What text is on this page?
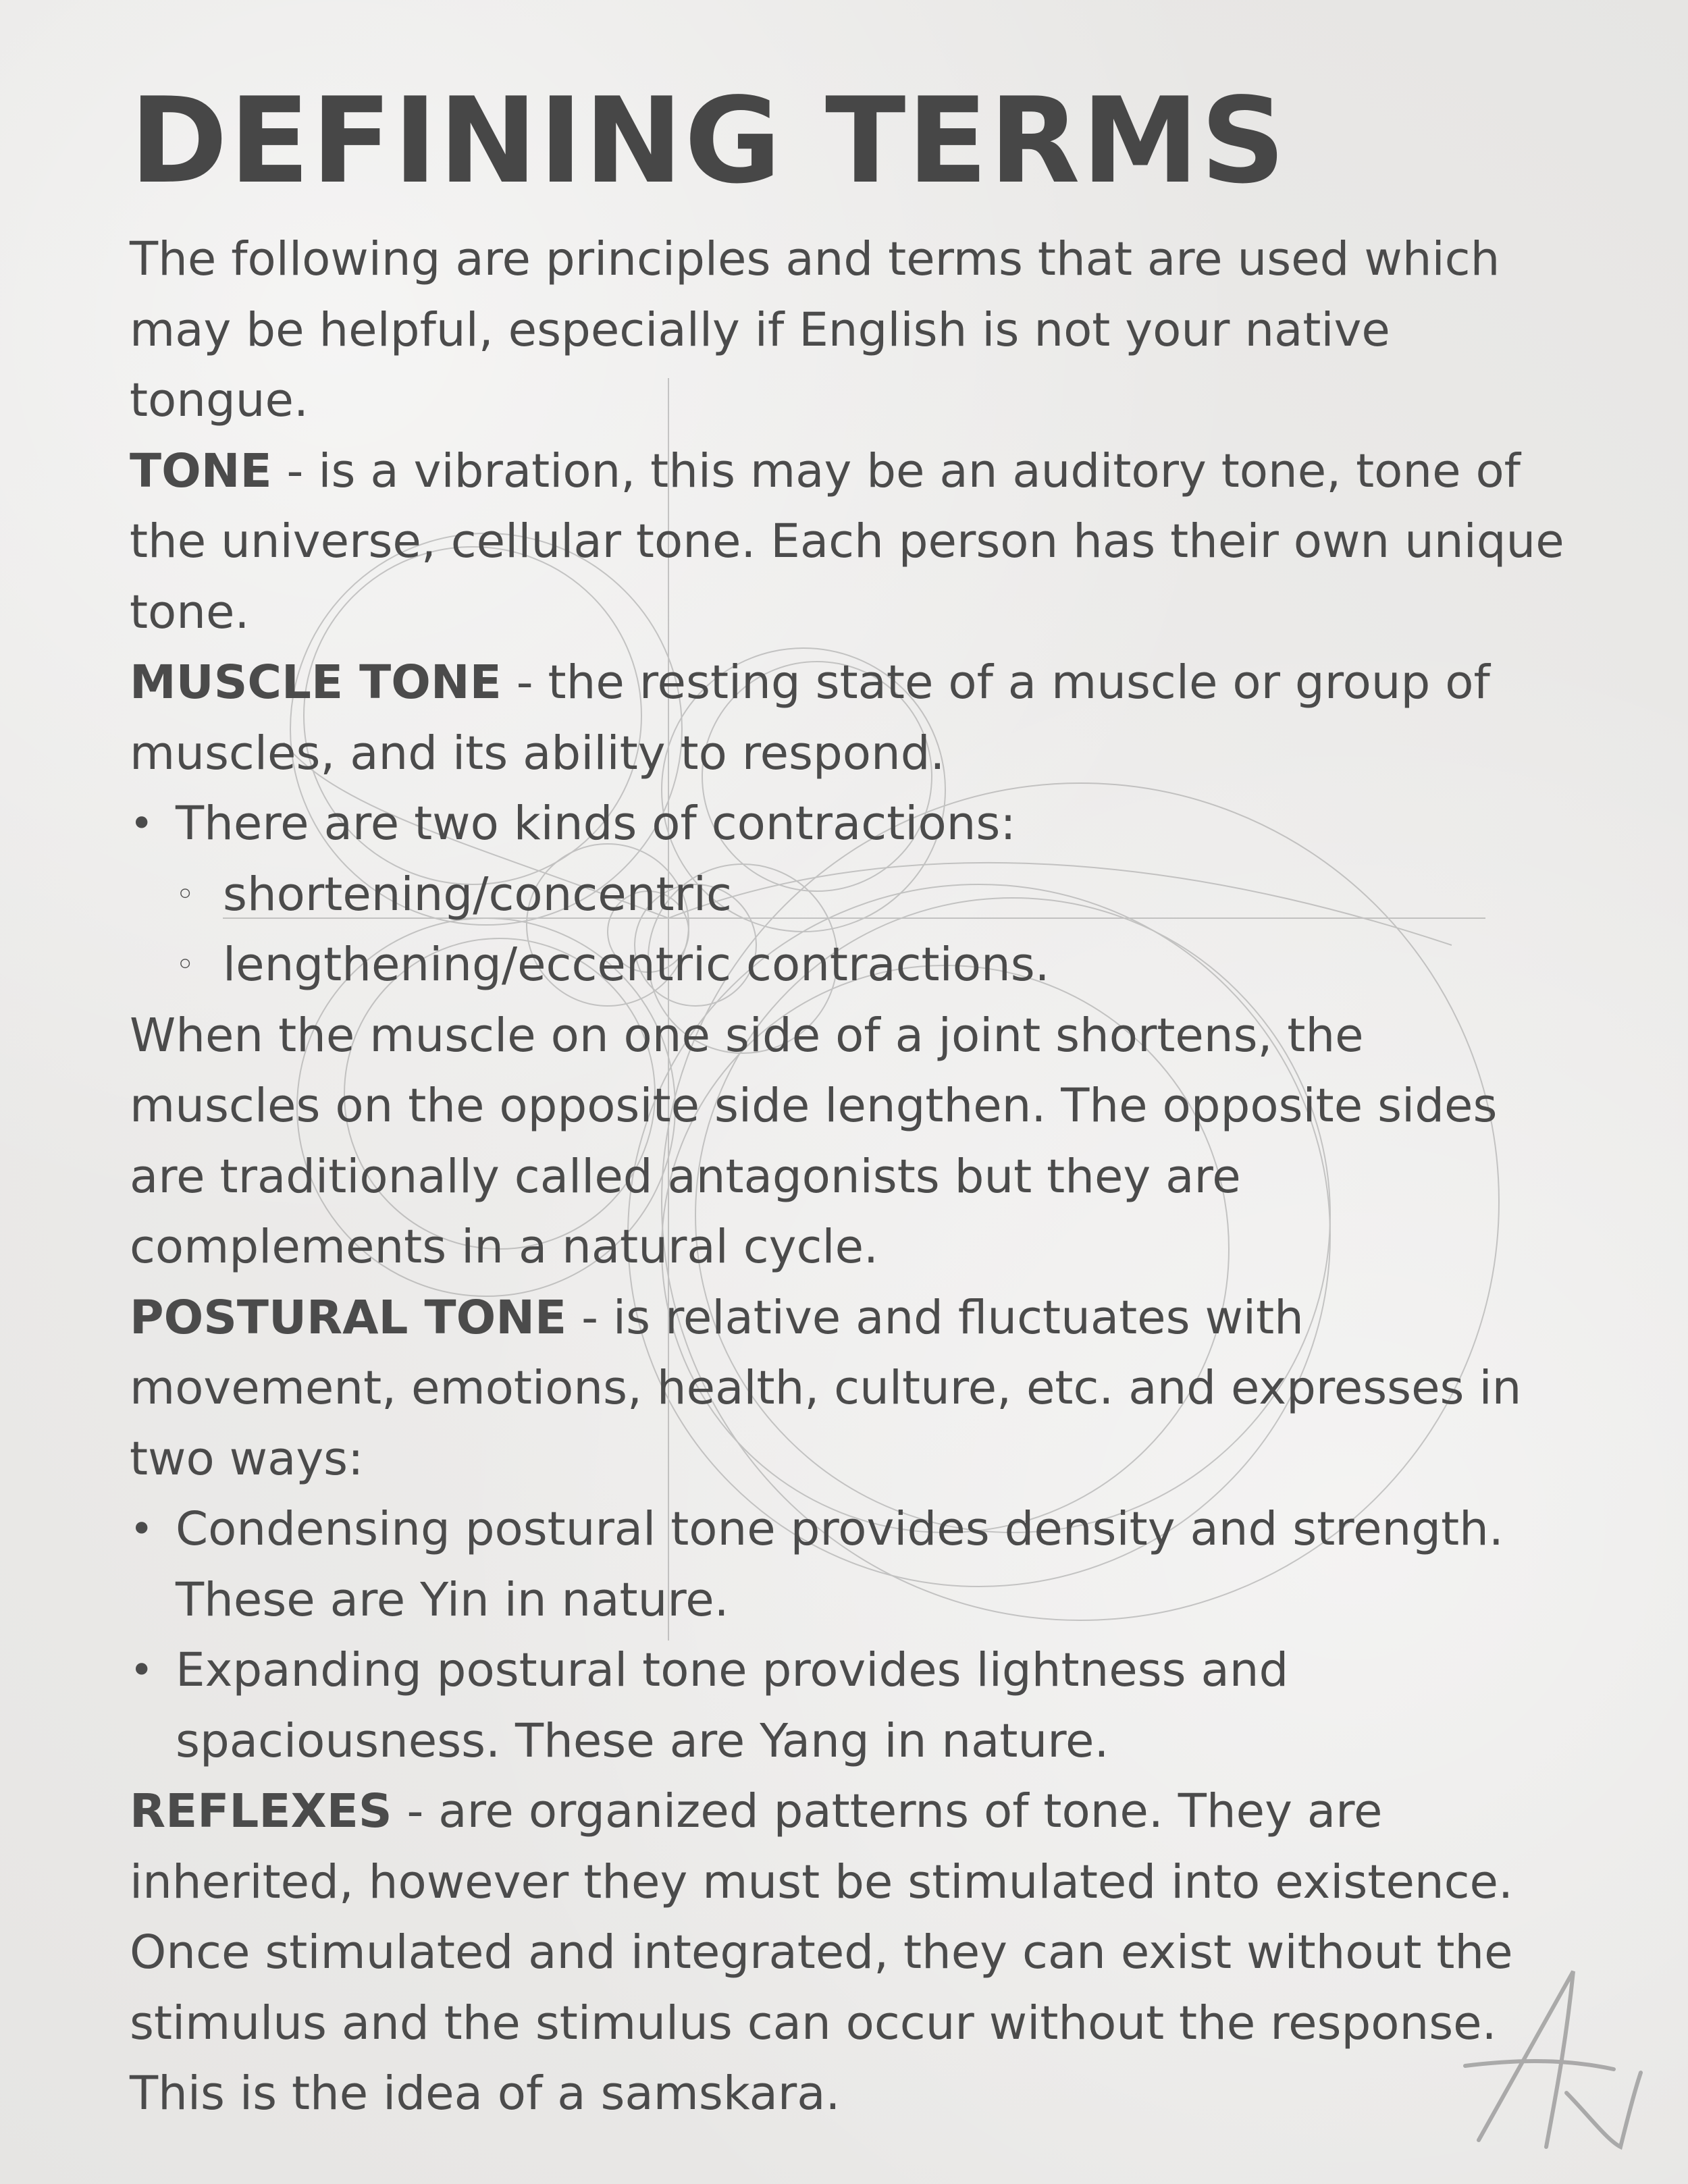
DEFINING TERMS

The following are principles and terms that are used which may be helpful, especially if English is not your native tongue.

TONE - is a vibration, this may be an auditory tone, tone of the universe, cellular tone. Each person has their own unique tone.

MUSCLE TONE - the resting state of a muscle or group of muscles, and its ability to respond.

• There are two kinds of contractions:
◦ shortening/concentric
◦ lengthening/eccentric contractions.

When the muscle on one side of a joint shortens, the muscles on the opposite side lengthen. The opposite sides are traditionally called antagonists but they are complements in a natural cycle.

POSTURAL TONE - is relative and fluctuates with movement, emotions, health, culture, etc. and expresses in two ways:

• Condensing postural tone provides density and strength. These are Yin in nature.
• Expanding postural tone provides lightness and spaciousness. These are Yang in nature.

REFLEXES - are organized patterns of tone. They are inherited, however they must be stimulated into existence. Once stimulated and integrated, they can exist without the stimulus and the stimulus can occur without the response. This is the idea of a samskara.
